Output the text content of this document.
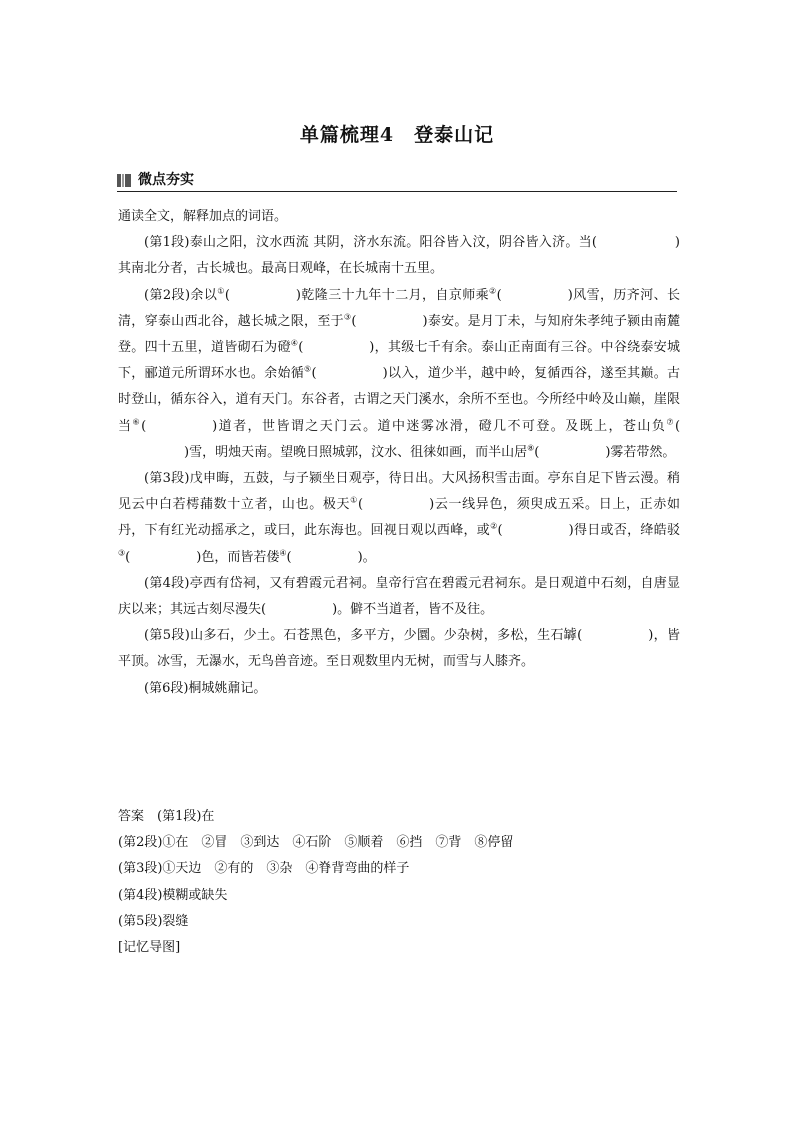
单篇梳理4　登泰山记
微点夯实

通读全文，解释加点的词语。

(第1段)泰山之阳，汶水西流 其阴，济水东流。阳谷皆入汶，阴谷皆入济。当(	)其南北分者，古长城也。最高日观峰，在长城南十五里。

(第2段)余以①(	)乾隆三十九年十二月，自京师乘②(	)风雪，历齐河、长清，穿泰山西北谷，越长城之限，至于③(	)泰安。是月丁未，与知府朱孝纯子颍由南麓登。四十五里，道皆砌石为磴④(	)，其级七千有余。泰山正南面有三谷。中谷绕泰安城下，郦道元所谓环水也。余始循⑤(	)以入，道少半，越中岭，复循西谷，遂至其巅。古时登山，循东谷入，道有天门。东谷者，古谓之天门溪水，余所不至也。今所经中岭及山巅，崖限当⑥(	)道者，世皆谓之天门云。道中迷雾冰滑，磴几不可登。及既上，苍山负⑦()雪，明烛天南。望晚日照城郭，汶水、徂徕如画，而半山居⑧(	)雾若带然。

(第3段)戊申晦，五鼓，与子颍坐日观亭，待日出。大风扬积雪击面。亭东自足下皆云漫。稍见云中白若樗蒱数十立者，山也。极天①(	)云一线异色，须臾成五采。日上，正赤如丹，下有红光动摇承之，或曰，此东海也。回视日观以西峰，或②(	)得日或否，绛皓驳③(	)色，而皆若偻④(	)。

(第4段)亭西有岱祠，又有碧霞元君祠。皇帝行宫在碧霞元君祠东。是日观道中石刻，自唐显庆以来；其远古刻尽漫失(	)。僻不当道者，皆不及往。

(第5段)山多石，少土。石苍黑色，多平方，少圜。少杂树，多松，生石罅(	)，皆平顶。冰雪，无瀑水，无鸟兽音迹。至日观数里内无树，而雪与人膝齐。

(第6段)桐城姚鼐记。

答案　(第1段)在

(第2段)①在　②冒　③到达　④石阶　⑤顺着　⑥挡　⑦背　⑧停留

(第3段)①天边　②有的　③杂　④脊背弯曲的样子

(第4段)模糊或缺失

(第5段)裂缝

[记忆导图]
